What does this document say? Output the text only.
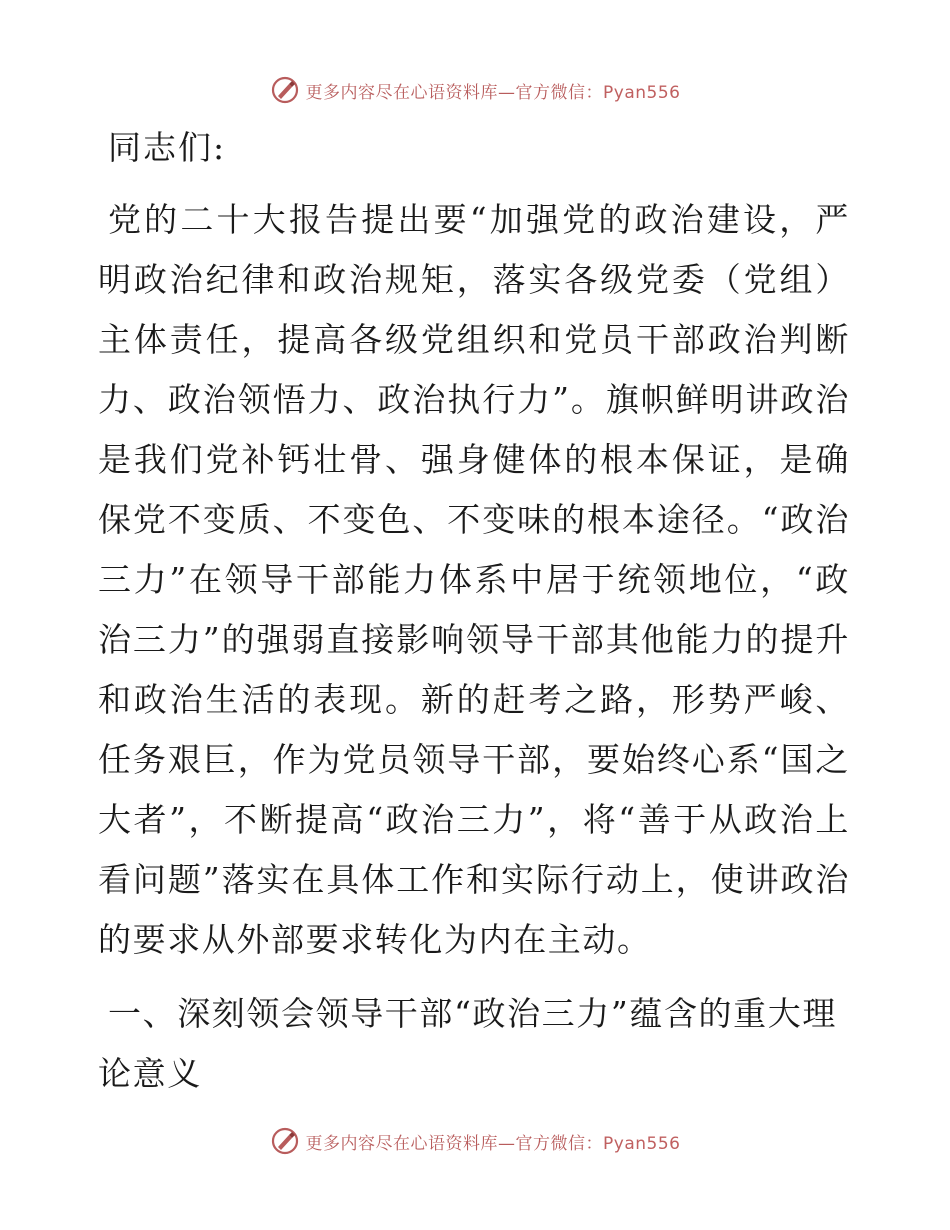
更多内容尽在心语资料库—官方微信：Pyan556

同志们:

党的二十大报告提出要“加强党的政治建设，严明政治纪律和政治规矩，落实各级党委（党组）主体责任，提高各级党组织和党员干部政治判断力、政治领悟力、政治执行力”。旗帜鲜明讲政治是我们党补钙壮骨、强身健体的根本保证，是确保党不变质、不变色、不变味的根本途径。“政治三力”在领导干部能力体系中居于统领地位，“政治三力”的强弱直接影响领导干部其他能力的提升和政治生活的表现。新的赶考之路，形势严峻、任务艰巨，作为党员领导干部，要始终心系“国之大者”，不断提高“政治三力”，将“善于从政治上看问题”落实在具体工作和实际行动上，使讲政治的要求从外部要求转化为内在主动。

一、深刻领会领导干部“政治三力”蕴含的重大理论意义

更多内容尽在心语资料库—官方微信：Pyan556
